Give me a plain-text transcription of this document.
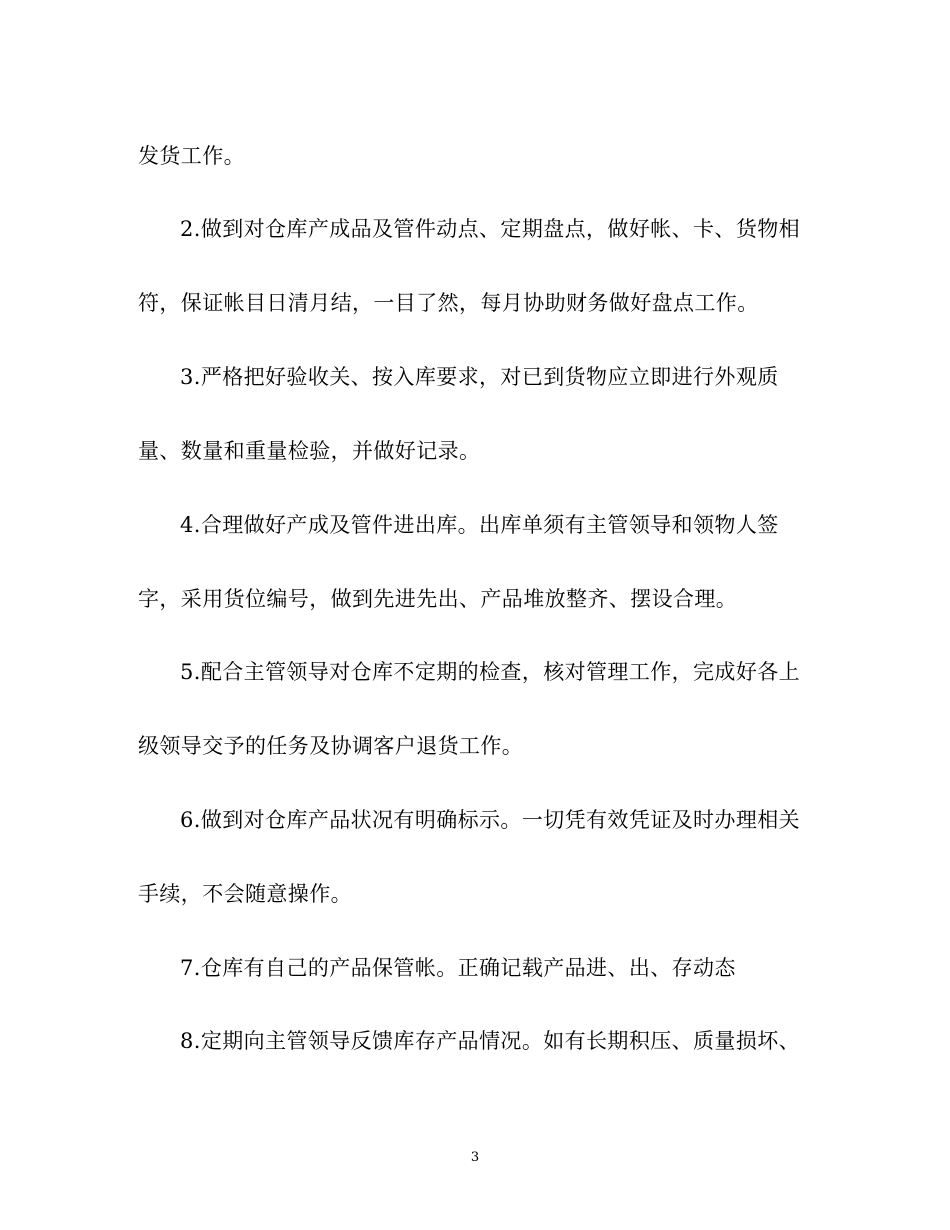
发货工作。
2.做到对仓库产成品及管件动点、定期盘点，做好帐、卡、货物相
符，保证帐目日清月结，一目了然，每月协助财务做好盘点工作。
3.严格把好验收关、按入库要求，对已到货物应立即进行外观质
量、数量和重量检验，并做好记录。
4.合理做好产成及管件进出库。出库单须有主管领导和领物人签
字，采用货位编号，做到先进先出、产品堆放整齐、摆设合理。
5.配合主管领导对仓库不定期的检查，核对管理工作，完成好各上
级领导交予的任务及协调客户退货工作。
6.做到对仓库产品状况有明确标示。一切凭有效凭证及时办理相关
手续，不会随意操作。
7.仓库有自己的产品保管帐。正确记载产品进、出、存动态
8.定期向主管领导反馈库存产品情况。如有长期积压、质量损坏、
3
